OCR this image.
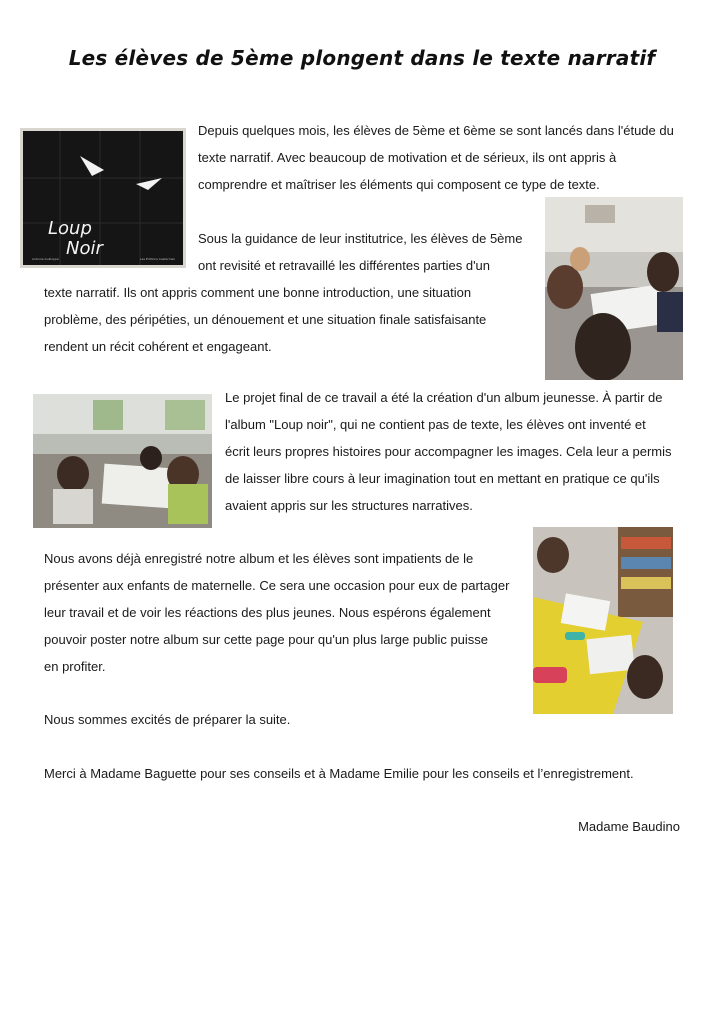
Les élèves de 5ème plongent dans le texte narratif
Loup
Noir
Antoine Guilloppé	Les Éditions Casterman
Depuis quelques mois, les élèves de 5ème et 6ème se sont lancés dans l'étude du
texte narratif. Avec beaucoup de motivation et de sérieux, ils ont appris à
comprendre et maîtriser les éléments qui composent ce type de texte.
Sous la guidance de leur institutrice, les élèves de 5ème
ont revisité et retravaillé les différentes parties d'un
texte narratif. Ils ont appris comment une bonne introduction, une situation
problème, des péripéties, un dénouement et une situation finale satisfaisante
rendent un récit cohérent et engageant.
Le projet final de ce travail a été la création d'un album jeunesse. À partir de
l'album "Loup noir", qui ne contient pas de texte, les élèves ont inventé et
écrit leurs propres histoires pour accompagner les images. Cela leur a permis
de laisser libre cours à leur imagination tout en mettant en pratique ce qu'ils
avaient appris sur les structures narratives.
Nous avons déjà enregistré notre album et les élèves sont impatients de le
présenter aux enfants de maternelle. Ce sera une occasion pour eux de partager
leur travail et de voir les réactions des plus jeunes. Nous espérons également
pouvoir poster notre album sur cette page pour qu'un plus large public puisse
en profiter.
Nous sommes excités de préparer la suite.
Merci à Madame Baguette pour ses conseils et à Madame Emilie pour les conseils et l’enregistrement.
Madame Baudino
